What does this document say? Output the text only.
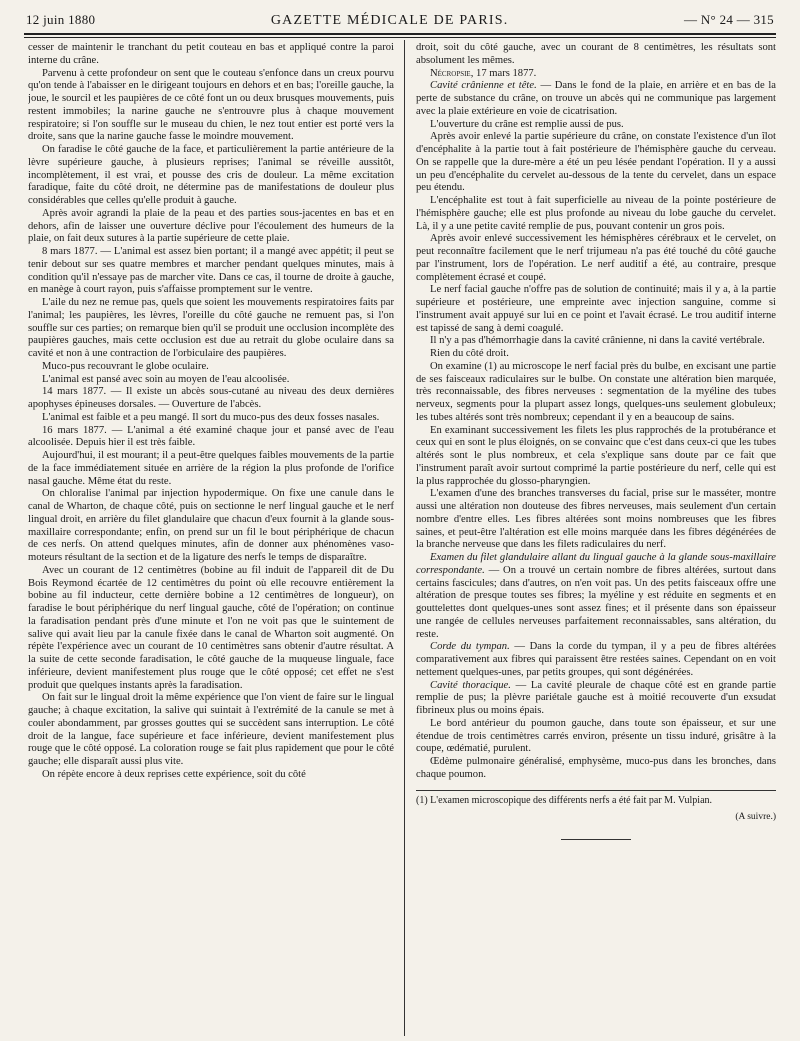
12 juin 1880	GAZETTE MÉDICALE DE PARIS.	— N° 24 — 315

cesser de maintenir le tranchant du petit couteau en bas et appliqué contre la paroi interne du crâne.

Parvenu à cette profondeur on sent que le couteau s'enfonce dans un creux pourvu qu'on tende à l'abaisser en le dirigeant toujours en dehors et en bas; l'oreille gauche, la joue, le sourcil et les paupières de ce côté font un ou deux brusques mouvements, puis restent immobiles; la narine gauche ne s'entrouvre plus à chaque mouvement respiratoire; si l'on souffle sur le museau du chien, le nez tout entier est porté vers la droite, sans que la narine gauche fasse le moindre mouvement.

On faradise le côté gauche de la face, et particulièrement la partie antérieure de la lèvre supérieure gauche, à plusieurs reprises; l'animal se réveille aussitôt, incomplètement, il est vrai, et pousse des cris de douleur. La même excitation faradique, faite du côté droit, ne détermine pas de manifestations de douleur plus considérables que celles qu'elle produit à gauche.

Après avoir agrandi la plaie de la peau et des parties sous-jacentes en bas et en dehors, afin de laisser une ouverture déclive pour l'écoulement des humeurs de la plaie, on fait deux sutures à la partie supérieure de cette plaie.

8 mars 1877. — L'animal est assez bien portant; il a mangé avec appétit; il peut se tenir debout sur ses quatre membres et marcher pendant quelques minutes, mais à condition qu'il n'essaye pas de marcher vite. Dans ce cas, il tourne de droite à gauche, en manège à court rayon, puis s'affaisse promptement sur le ventre.

L'aile du nez ne remue pas, quels que soient les mouvements respiratoires faits par l'animal; les paupières, les lèvres, l'oreille du côté gauche ne remuent pas, si l'on souffle sur ces parties; on remarque bien qu'il se produit une occlusion incomplète des paupières gauches, mais cette occlusion est due au retrait du globe oculaire dans sa cavité et non à une contraction de l'orbiculaire des paupières.

Muco-pus recouvrant le globe oculaire.

L'animal est pansé avec soin au moyen de l'eau alcoolisée.

14 mars 1877. — Il existe un abcès sous-cutané au niveau des deux dernières apophyses épineuses dorsales. — Ouverture de l'abcès.

L'animal est faible et a peu mangé. Il sort du muco-pus des deux fosses nasales.

16 mars 1877. — L'animal a été examiné chaque jour et pansé avec de l'eau alcoolisée. Depuis hier il est très faible.

Aujourd'hui, il est mourant; il a peut-être quelques faibles mouvements de la partie de la face immédiatement située en arrière de la région la plus profonde de l'orifice nasal gauche. Même état du reste.

On chloralise l'animal par injection hypodermique. On fixe une canule dans le canal de Wharton, de chaque côté, puis on sectionne le nerf lingual gauche et le nerf lingual droit, en arrière du filet glandulaire que chacun d'eux fournit à la glande sous-maxillaire correspondante; enfin, on prend sur un fil le bout périphérique de chacun de ces nerfs. On attend quelques minutes, afin de donner aux phénomènes vaso-moteurs résultant de la section et de la ligature des nerfs le temps de disparaître.

Avec un courant de 12 centimètres (bobine au fil induit de l'appareil dit de Du Bois Reymond écartée de 12 centimètres du point où elle recouvre entièrement la bobine au fil inducteur, cette dernière bobine a 12 centimètres de longueur), on faradise le bout périphérique du nerf lingual gauche, côté de l'opération; on continue la faradisation pendant près d'une minute et l'on ne voit pas que le suintement de salive qui avait lieu par la canule fixée dans le canal de Wharton soit augmenté. On répète l'expérience avec un courant de 10 centimètres sans obtenir d'autre résultat. A la suite de cette seconde faradisation, le côté gauche de la muqueuse linguale, face inférieure, devient manifestement plus rouge que le côté opposé; cet effet ne s'est produit que quelques instants après la faradisation.

On fait sur le lingual droit la même expérience que l'on vient de faire sur le lingual gauche; à chaque excitation, la salive qui suintait à l'extrémité de la canule se met à couler abondamment, par grosses gouttes qui se succèdent sans interruption. Le côté droit de la langue, face supérieure et face inférieure, devient manifestement plus rouge que le côté opposé. La coloration rouge se fait plus rapidement que pour le côté gauche; elle disparaît aussi plus vite.

On répète encore à deux reprises cette expérience, soit du côté

droit, soit du côté gauche, avec un courant de 8 centimètres, les résultats sont absolument les mêmes.

Nécropsie, 17 mars 1877.

Cavité crânienne et tête. — Dans le fond de la plaie, en arrière et en bas de la perte de substance du crâne, on trouve un abcès qui ne communique pas largement avec la plaie extérieure en voie de cicatrisation.

L'ouverture du crâne est remplie aussi de pus.

Après avoir enlevé la partie supérieure du crâne, on constate l'existence d'un îlot d'encéphalite à la partie tout à fait postérieure de l'hémisphère gauche du cerveau. On se rappelle que la dure-mère a été un peu lésée pendant l'opération. Il y a aussi un peu d'encéphalite du cervelet au-dessous de la tente du cervelet, dans un espace peu étendu.

L'encéphalite est tout à fait superficielle au niveau de la pointe postérieure de l'hémisphère gauche; elle est plus profonde au niveau du lobe gauche du cervelet. Là, il y a une petite cavité remplie de pus, pouvant contenir un gros pois.

Après avoir enlevé successivement les hémisphères cérébraux et le cervelet, on peut reconnaître facilement que le nerf trijumeau n'a pas été touché du côté gauche par l'instrument, lors de l'opération. Le nerf auditif a été, au contraire, presque complètement écrasé et coupé.

Le nerf facial gauche n'offre pas de solution de continuité; mais il y a, à la partie supérieure et postérieure, une empreinte avec injection sanguine, comme si l'instrument avait appuyé sur lui en ce point et l'avait écrasé. Le trou auditif interne est tapissé de sang à demi coagulé.

Il n'y a pas d'hémorrhagie dans la cavité crânienne, ni dans la cavité vertébrale.

Rien du côté droit.

On examine (1) au microscope le nerf facial près du bulbe, en excisant une partie de ses faisceaux radiculaires sur le bulbe. On constate une altération bien marquée, très reconnaissable, des fibres nerveuses : segmentation de la myéline des tubes nerveux, segments pour la plupart assez longs, quelques-uns seulement globuleux; les tubes altérés sont très nombreux; cependant il y en a beaucoup de sains.

En examinant successivement les filets les plus rapprochés de la protubérance et ceux qui en sont le plus éloignés, on se convainc que c'est dans ceux-ci que les tubes altérés sont le plus nombreux, et cela s'explique sans doute par ce fait que l'instrument paraît avoir surtout comprimé la partie postérieure du nerf, celle qui est la plus rapprochée du glosso-pharyngien.

L'examen d'une des branches transverses du facial, prise sur le masséter, montre aussi une altération non douteuse des fibres nerveuses, mais seulement d'un certain nombre d'entre elles. Les fibres altérées sont moins nombreuses que les fibres saines, et peut-être l'altération est elle moins marquée dans les fibres dégénérées de la branche nerveuse que dans les filets radiculaires du nerf.

Examen du filet glandulaire allant du lingual gauche à la glande sous-maxillaire correspondante. — On a trouvé un certain nombre de fibres altérées, surtout dans certains fascicules; dans d'autres, on n'en voit pas. Un des petits faisceaux offre une altération de presque toutes ses fibres; la myéline y est réduite en segments et en gouttelettes dont quelques-unes sont assez fines; et il présente dans son épaisseur une rangée de cellules nerveuses parfaitement reconnaissables, sans altération, du reste.

Corde du tympan. — Dans la corde du tympan, il y a peu de fibres altérées comparativement aux fibres qui paraissent être restées saines. Cependant on en voit nettement quelques-unes, par petits groupes, qui sont dégénérées.

Cavité thoracique. — La cavité pleurale de chaque côté est en grande partie remplie de pus; la plèvre pariétale gauche est à moitié recouverte d'un exsudat fibrineux plus ou moins épais.

Le bord antérieur du poumon gauche, dans toute son épaisseur, et sur une étendue de trois centimètres carrés environ, présente un tissu induré, grisâtre à la coupe, œdématié, purulent.

Œdème pulmonaire généralisé, emphysème, muco-pus dans les bronches, dans chaque poumon.

(1) L'examen microscopique des différents nerfs a été fait par M. Vulpian.
(A suivre.)
